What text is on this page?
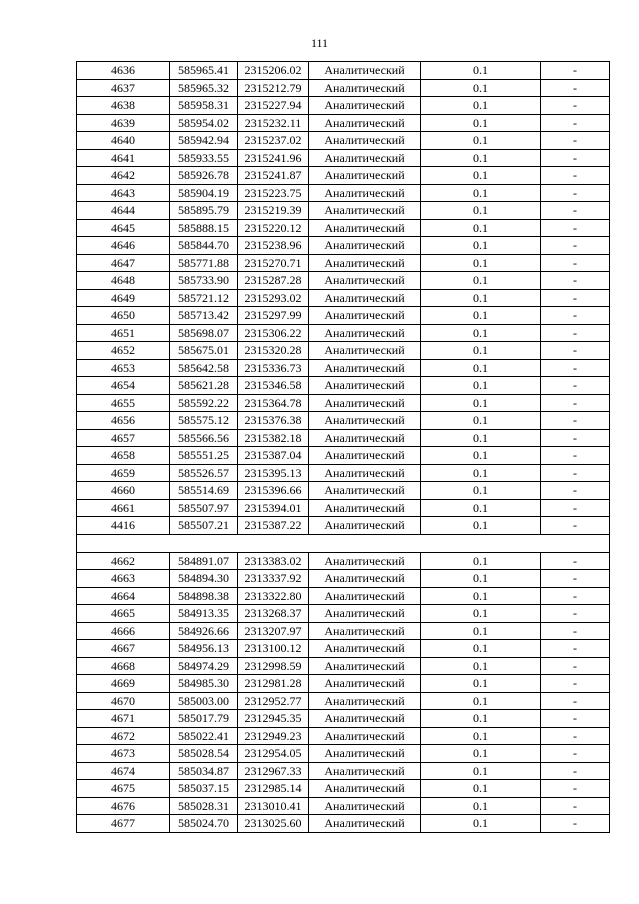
111
4636	585965.41	2315206.02	Аналитический	0.1	-
4637	585965.32	2315212.79	Аналитический	0.1	-
4638	585958.31	2315227.94	Аналитический	0.1	-
4639	585954.02	2315232.11	Аналитический	0.1	-
4640	585942.94	2315237.02	Аналитический	0.1	-
4641	585933.55	2315241.96	Аналитический	0.1	-
4642	585926.78	2315241.87	Аналитический	0.1	-
4643	585904.19	2315223.75	Аналитический	0.1	-
4644	585895.79	2315219.39	Аналитический	0.1	-
4645	585888.15	2315220.12	Аналитический	0.1	-
4646	585844.70	2315238.96	Аналитический	0.1	-
4647	585771.88	2315270.71	Аналитический	0.1	-
4648	585733.90	2315287.28	Аналитический	0.1	-
4649	585721.12	2315293.02	Аналитический	0.1	-
4650	585713.42	2315297.99	Аналитический	0.1	-
4651	585698.07	2315306.22	Аналитический	0.1	-
4652	585675.01	2315320.28	Аналитический	0.1	-
4653	585642.58	2315336.73	Аналитический	0.1	-
4654	585621.28	2315346.58	Аналитический	0.1	-
4655	585592.22	2315364.78	Аналитический	0.1	-
4656	585575.12	2315376.38	Аналитический	0.1	-
4657	585566.56	2315382.18	Аналитический	0.1	-
4658	585551.25	2315387.04	Аналитический	0.1	-
4659	585526.57	2315395.13	Аналитический	0.1	-
4660	585514.69	2315396.66	Аналитический	0.1	-
4661	585507.97	2315394.01	Аналитический	0.1	-
4416	585507.21	2315387.22	Аналитический	0.1	-

4662	584891.07	2313383.02	Аналитический	0.1	-
4663	584894.30	2313337.92	Аналитический	0.1	-
4664	584898.38	2313322.80	Аналитический	0.1	-
4665	584913.35	2313268.37	Аналитический	0.1	-
4666	584926.66	2313207.97	Аналитический	0.1	-
4667	584956.13	2313100.12	Аналитический	0.1	-
4668	584974.29	2312998.59	Аналитический	0.1	-
4669	584985.30	2312981.28	Аналитический	0.1	-
4670	585003.00	2312952.77	Аналитический	0.1	-
4671	585017.79	2312945.35	Аналитический	0.1	-
4672	585022.41	2312949.23	Аналитический	0.1	-
4673	585028.54	2312954.05	Аналитический	0.1	-
4674	585034.87	2312967.33	Аналитический	0.1	-
4675	585037.15	2312985.14	Аналитический	0.1	-
4676	585028.31	2313010.41	Аналитический	0.1	-
4677	585024.70	2313025.60	Аналитический	0.1	-
